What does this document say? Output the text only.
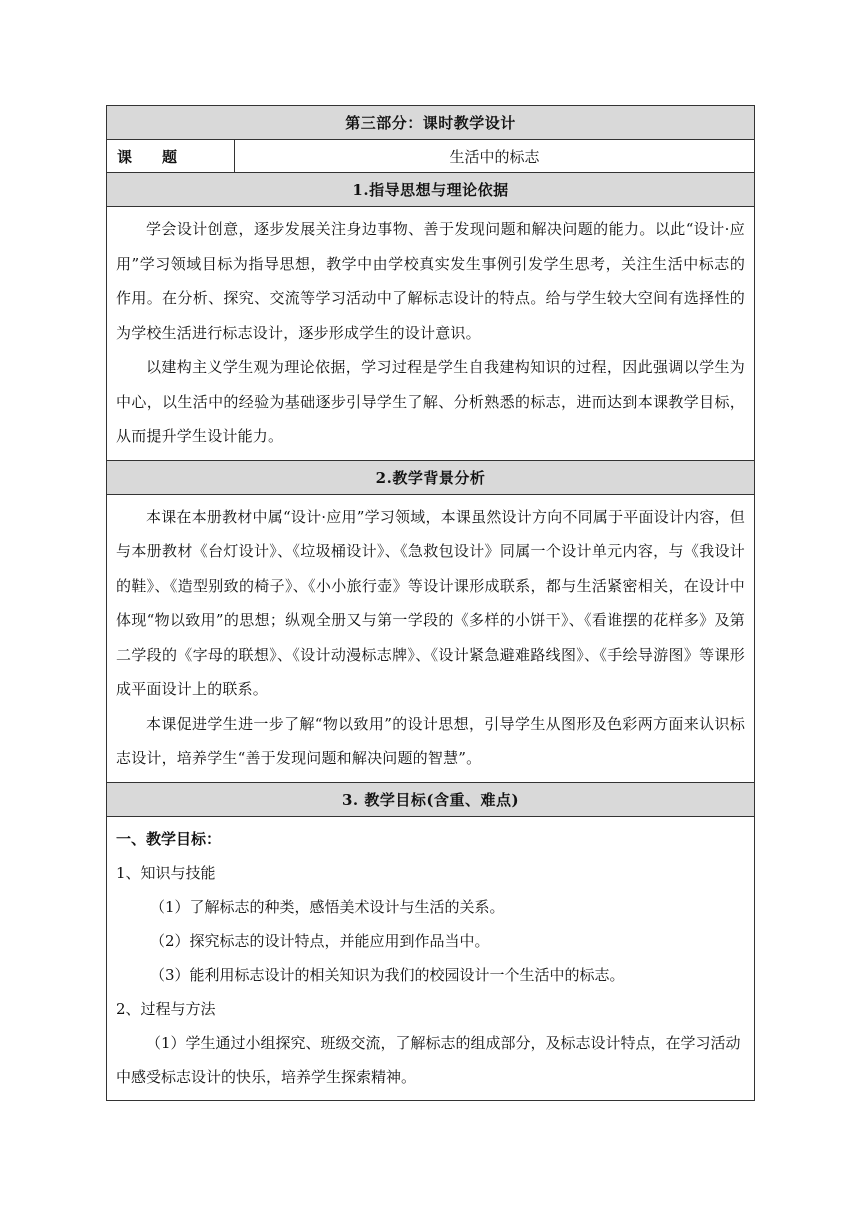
第三部分：课时教学设计
课 题	生活中的标志
1.指导思想与理论依据

学会设计创意，逐步发展关注身边事物、善于发现问题和解决问题的能力。以此“设计·应用”学习领域目标为指导思想，教学中由学校真实发生事例引发学生思考，关注生活中标志的作用。在分析、探究、交流等学习活动中了解标志设计的特点。给与学生较大空间有选择性的为学校生活进行标志设计，逐步形成学生的设计意识。

以建构主义学生观为理论依据，学习过程是学生自我建构知识的过程，因此强调以学生为中心，以生活中的经验为基础逐步引导学生了解、分析熟悉的标志，进而达到本课教学目标，从而提升学生设计能力。

2.教学背景分析

本课在本册教材中属“设计·应用”学习领域，本课虽然设计方向不同属于平面设计内容，但与本册教材《台灯设计》、《垃圾桶设计》、《急救包设计》同属一个设计单元内容，与《我设计的鞋》、《造型别致的椅子》、《小小旅行壶》等设计课形成联系，都与生活紧密相关，在设计中体现“物以致用”的思想；纵观全册又与第一学段的《多样的小饼干》、《看谁摆的花样多》及第二学段的《字母的联想》、《设计动漫标志牌》、《设计紧急避难路线图》、《手绘导游图》等课形成平面设计上的联系。

本课促进学生进一步了解“物以致用”的设计思想，引导学生从图形及色彩两方面来认识标志设计，培养学生“善于发现问题和解决问题的智慧”。

3. 教学目标(含重、难点)

一、教学目标：

1、知识与技能

（1）了解标志的种类，感悟美术设计与生活的关系。

（2）探究标志的设计特点，并能应用到作品当中。

（3）能利用标志设计的相关知识为我们的校园设计一个生活中的标志。

2、过程与方法

（1）学生通过小组探究、班级交流，了解标志的组成部分，及标志设计特点，在学习活动中感受标志设计的快乐，培养学生探索精神。
